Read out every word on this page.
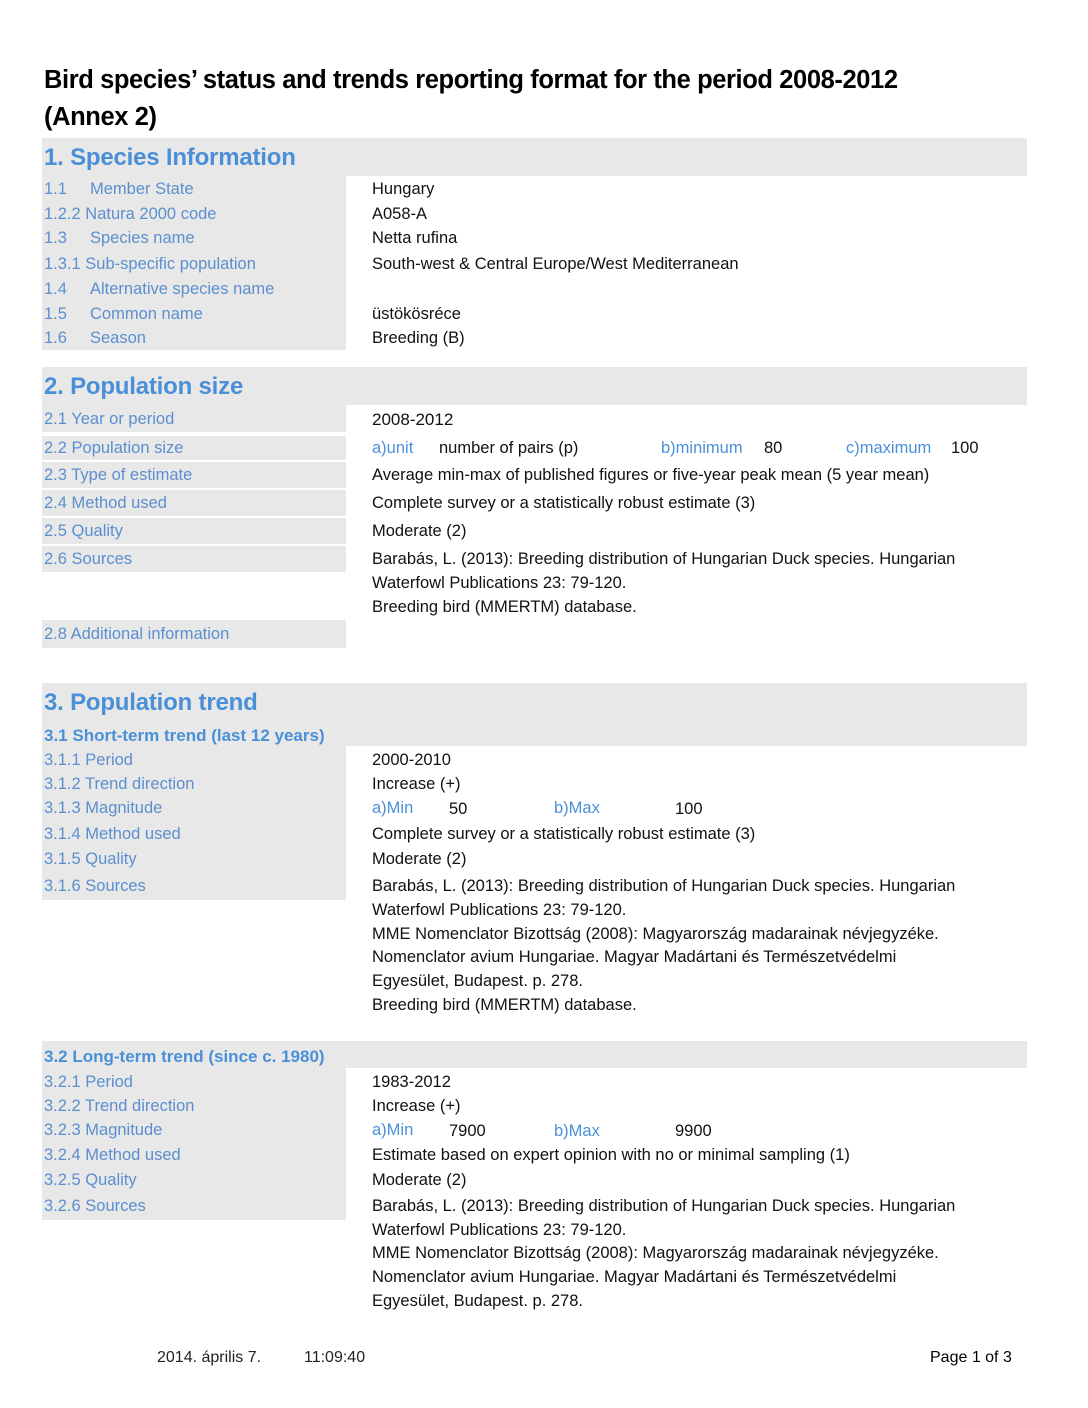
Bird species’ status and trends reporting format for the period 2008-2012
(Annex 2)
1. Species Information
1.1 Member State	Hungary
1.2.2 Natura 2000 code	A058-A
1.3 Species name	Netta rufina
1.3.1 Sub-specific population	South-west & Central Europe/West Mediterranean
1.4 Alternative species name
1.5 Common name	üstökösréce
1.6 Season	Breeding (B)
2. Population size
2.1 Year or period	2008-2012
2.2 Population size	a)unit number of pairs (p)	b)minimum 80	c)maximum 100
2.3 Type of estimate	Average min-max of published figures or five-year peak mean (5 year mean)
2.4 Method used	Complete survey or a statistically robust estimate (3)
2.5 Quality	Moderate (2)
2.6 Sources	Barabás, L. (2013): Breeding distribution of Hungarian Duck species. Hungarian
Waterfowl Publications 23: 79-120.
Breeding bird (MMERTM) database.
2.8 Additional information
3. Population trend
3.1 Short-term trend (last 12 years)
3.1.1 Period	2000-2010
3.1.2 Trend direction	Increase (+)
3.1.3 Magnitude	a)Min 50	b)Max	100
3.1.4 Method used	Complete survey or a statistically robust estimate (3)
3.1.5 Quality	Moderate (2)
3.1.6 Sources	Barabás, L. (2013): Breeding distribution of Hungarian Duck species. Hungarian
Waterfowl Publications 23: 79-120.
MME Nomenclator Bizottság (2008): Magyarország madarainak névjegyzéke.
Nomenclator avium Hungariae. Magyar Madártani és Természetvédelmi
Egyesület, Budapest. p. 278.
Breeding bird (MMERTM) database.
3.2 Long-term trend (since c. 1980)
3.2.1 Period	1983-2012
3.2.2 Trend direction	Increase (+)
3.2.3 Magnitude	a)Min 7900	b)Max	9900
3.2.4 Method used	Estimate based on expert opinion with no or minimal sampling (1)
3.2.5 Quality	Moderate (2)
3.2.6 Sources	Barabás, L. (2013): Breeding distribution of Hungarian Duck species. Hungarian
Waterfowl Publications 23: 79-120.
MME Nomenclator Bizottság (2008): Magyarország madarainak névjegyzéke.
Nomenclator avium Hungariae. Magyar Madártani és Természetvédelmi
Egyesület, Budapest. p. 278.
2014. április 7.	11:09:40	Page 1 of 3
